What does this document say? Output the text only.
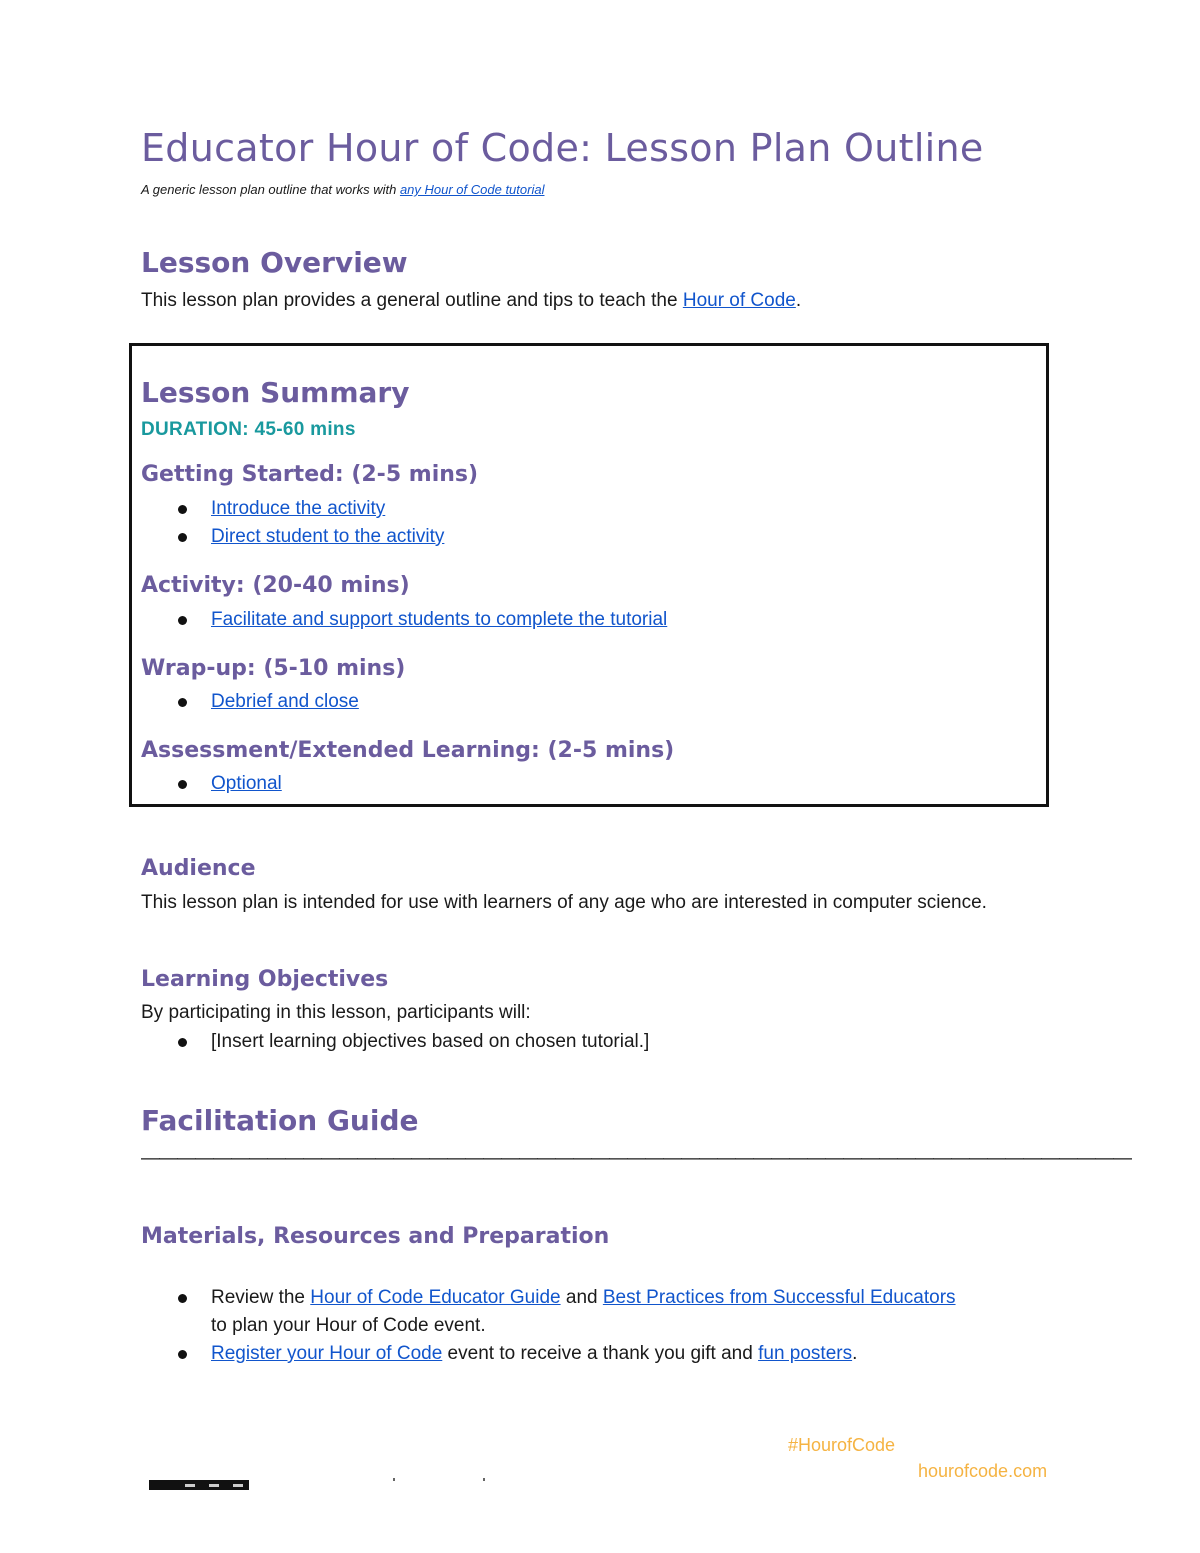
Educator Hour of Code: Lesson Plan Outline
A generic lesson plan outline that works with any Hour of Code tutorial
Lesson Overview
This lesson plan provides a general outline and tips to teach the Hour of Code.
Lesson Summary
DURATION: 45-60 mins
Getting Started: (2-5 mins)
Introduce the activity
Direct student to the activity
Activity: (20-40 mins)
Facilitate and support students to complete the tutorial
Wrap-up: (5-10 mins)
Debrief and close
Assessment/Extended Learning: (2-5 mins)
Optional
Audience
This lesson plan is intended for use with learners of any age who are interested in computer science.
Learning Objectives
By participating in this lesson, participants will:
[Insert learning objectives based on chosen tutorial.]
Facilitation Guide
———————————————————————————————————————————————————————
Materials, Resources and Preparation
Review the Hour of Code Educator Guide and Best Practices from Successful Educators
to plan your Hour of Code event.
Register your Hour of Code event to receive a thank you gift and fun posters.
#HourofCode
hourofcode.com
